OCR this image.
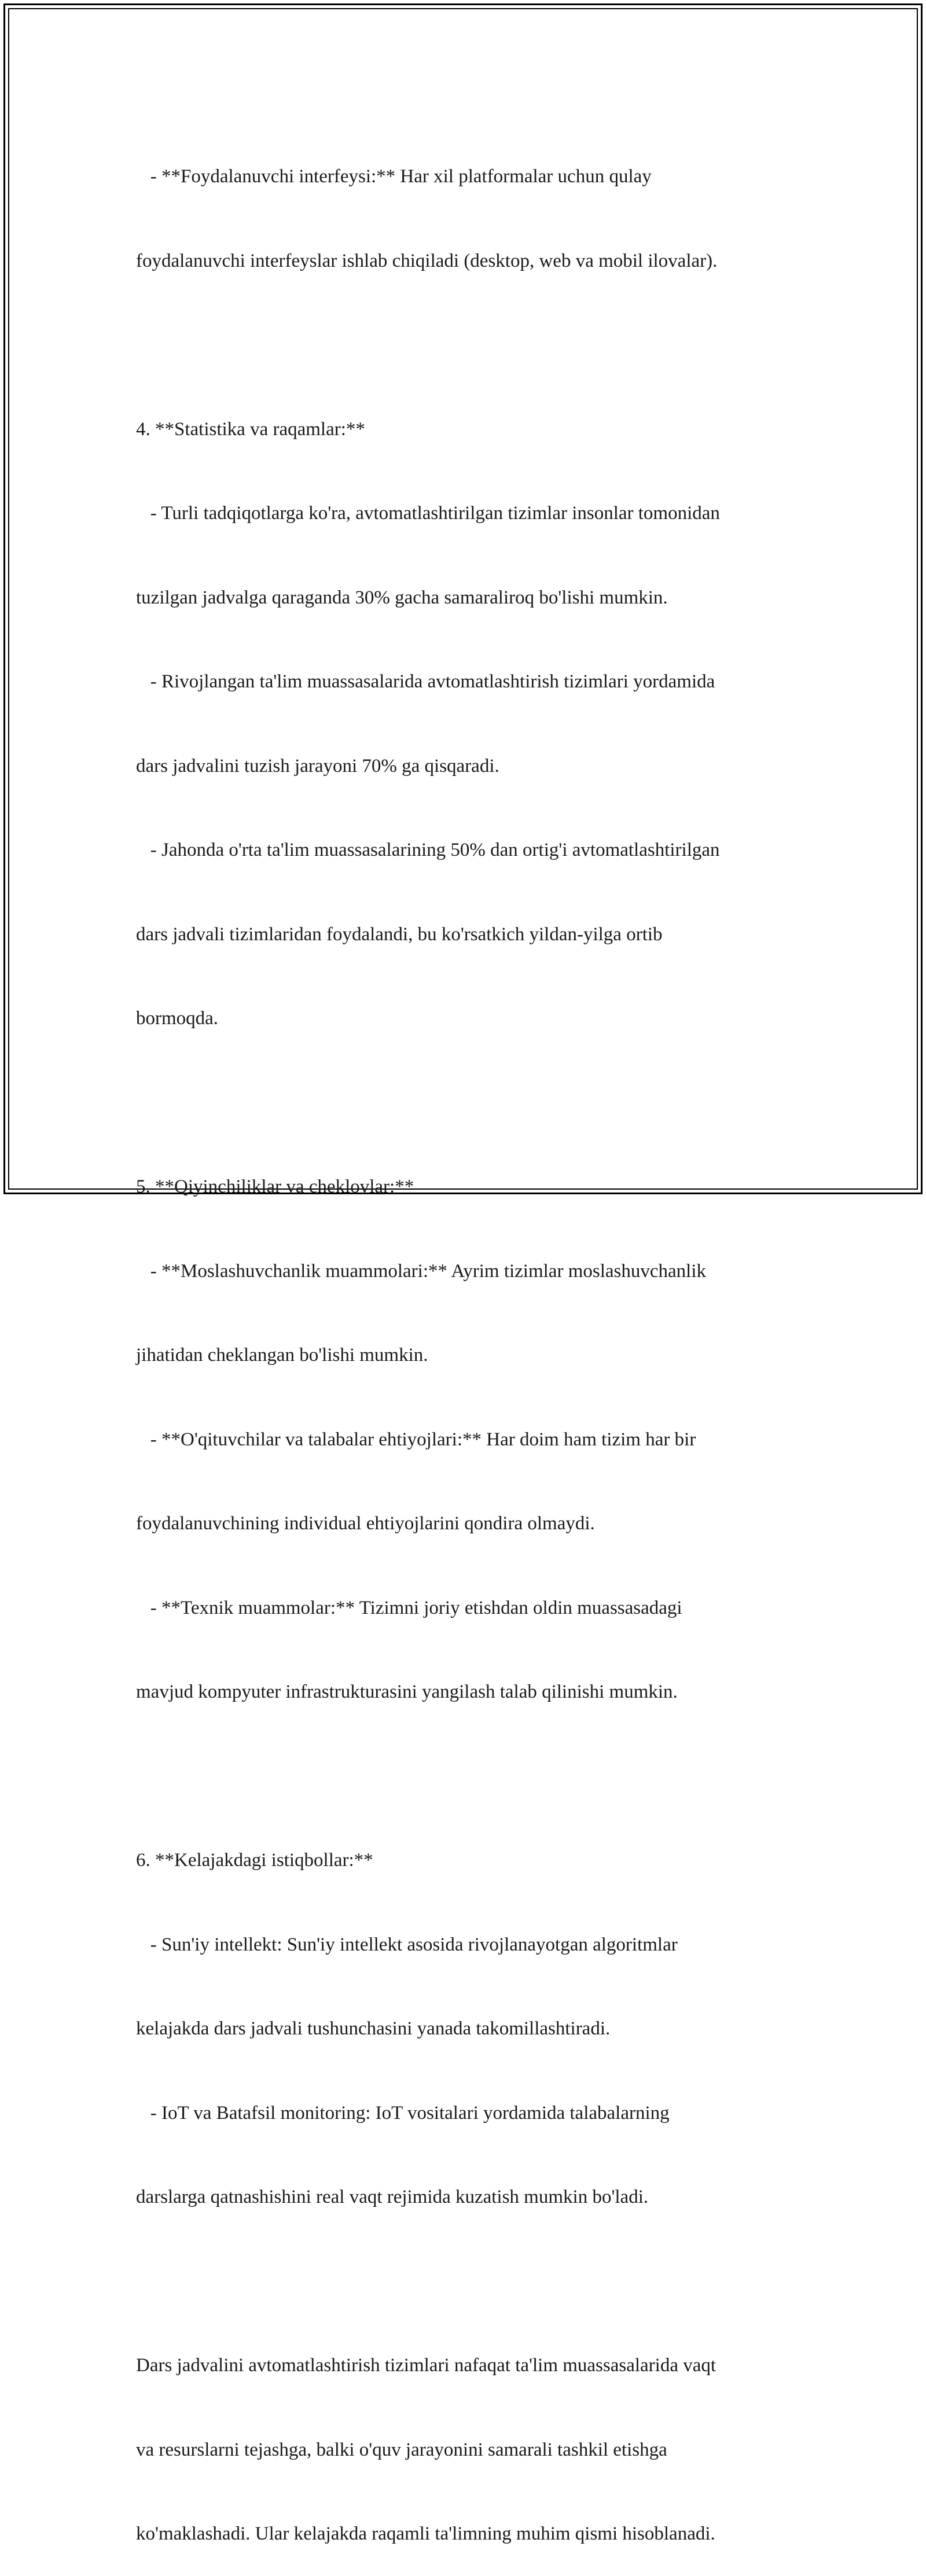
- **Foydalanuvchi interfeysi:** Har xil platformalar uchun qulay

foydalanuvchi interfeyslar ishlab chiqiladi (desktop, web va mobil ilovalar).

4. **Statistika va raqamlar:**

- Turli tadqiqotlarga ko'ra, avtomatlashtirilgan tizimlar insonlar tomonidan

tuzilgan jadvalga qaraganda 30% gacha samaraliroq bo'lishi mumkin.

- Rivojlangan ta'lim muassasalarida avtomatlashtirish tizimlari yordamida

dars jadvalini tuzish jarayoni 70% ga qisqaradi.

- Jahonda o'rta ta'lim muassasalarining 50% dan ortig'i avtomatlashtirilgan

dars jadvali tizimlaridan foydalandi, bu ko'rsatkich yildan-yilga ortib

bormoqda.

5. **Qiyinchiliklar va cheklovlar:**

- **Moslashuvchanlik muammolari:** Ayrim tizimlar moslashuvchanlik

jihatidan cheklangan bo'lishi mumkin.

- **O'qituvchilar va talabalar ehtiyojlari:** Har doim ham tizim har bir

foydalanuvchining individual ehtiyojlarini qondira olmaydi.

- **Texnik muammolar:** Tizimni joriy etishdan oldin muassasadagi

mavjud kompyuter infrastrukturasini yangilash talab qilinishi mumkin.

6. **Kelajakdagi istiqbollar:**

- Sun'iy intellekt: Sun'iy intellekt asosida rivojlanayotgan algoritmlar

kelajakda dars jadvali tushunchasini yanada takomillashtiradi.

- IoT va Batafsil monitoring: IoT vositalari yordamida talabalarning

darslarga qatnashishini real vaqt rejimida kuzatish mumkin bo'ladi.

Dars jadvalini avtomatlashtirish tizimlari nafaqat ta'lim muassasalarida vaqt

va resurslarni tejashga, balki o'quv jarayonini samarali tashkil etishga

ko'maklashadi. Ular kelajakda raqamli ta'limning muhim qismi hisoblanadi.
